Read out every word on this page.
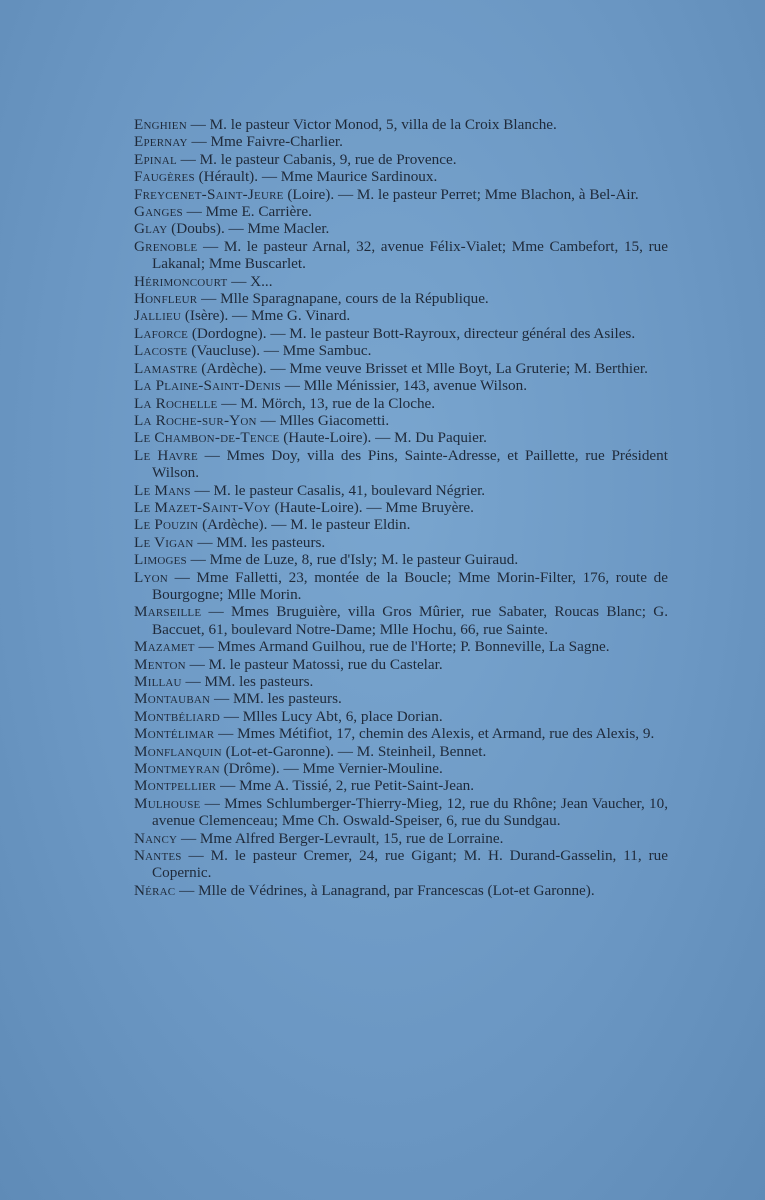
Enghien — M. le pasteur Victor Monod, 5, villa de la Croix Blanche.
Epernay — Mme Faivre-Charlier.
Epinal — M. le pasteur Cabanis, 9, rue de Provence.
Faugères (Hérault). — Mme Maurice Sardinoux.
Freycenet-Saint-Jeure (Loire). — M. le pasteur Perret; Mme Blachon, à Bel-Air.
Ganges — Mme E. Carrière.
Glay (Doubs). — Mme Macler.
Grenoble — M. le pasteur Arnal, 32, avenue Félix-Vialet; Mme Cambefort, 15, rue Lakanal; Mme Buscarlet.
Hérimoncourt — X...
Honfleur — Mlle Sparagnapane, cours de la République.
Jallieu (Isère). — Mme G. Vinard.
Laforce (Dordogne). — M. le pasteur Bott-Rayroux, directeur général des Asiles.
Lacoste (Vaucluse). — Mme Sambuc.
Lamastre (Ardèche). — Mme veuve Brisset et Mlle Boyt, La Gruterie; M. Berthier.
La Plaine-Saint-Denis — Mlle Ménissier, 143, avenue Wilson.
La Rochelle — M. Mörch, 13, rue de la Cloche.
La Roche-sur-Yon — Mlles Giacometti.
Le Chambon-de-Tence (Haute-Loire). — M. Du Paquier.
Le Havre — Mmes Doy, villa des Pins, Sainte-Adresse, et Paillette, rue Président Wilson.
Le Mans — M. le pasteur Casalis, 41, boulevard Négrier.
Le Mazet-Saint-Voy (Haute-Loire). — Mme Bruyère.
Le Pouzin (Ardèche). — M. le pasteur Eldin.
Le Vigan — MM. les pasteurs.
Limoges — Mme de Luze, 8, rue d'Isly; M. le pasteur Guiraud.
Lyon — Mme Falletti, 23, montée de la Boucle; Mme Morin-Filter, 176, route de Bourgogne; Mlle Morin.
Marseille — Mmes Bruguière, villa Gros Mûrier, rue Sabater, Roucas Blanc; G. Baccuet, 61, boulevard Notre-Dame; Mlle Hochu, 66, rue Sainte.
Mazamet — Mmes Armand Guilhou, rue de l'Horte; P. Bonneville, La Sagne.
Menton — M. le pasteur Matossi, rue du Castelar.
Millau — MM. les pasteurs.
Montauban — MM. les pasteurs.
Montbéliard — Mlles Lucy Abt, 6, place Dorian.
Montélimar — Mmes Métifiot, 17, chemin des Alexis, et Armand, rue des Alexis, 9.
Monflanquin (Lot-et-Garonne). — M. Steinheil, Bennet.
Montmeyran (Drôme). — Mme Vernier-Mouline.
Montpellier — Mme A. Tissié, 2, rue Petit-Saint-Jean.
Mulhouse — Mmes Schlumberger-Thierry-Mieg, 12, rue du Rhône; Jean Vaucher, 10, avenue Clemenceau; Mme Ch. Oswald-Speiser, 6, rue du Sundgau.
Nancy — Mme Alfred Berger-Levrault, 15, rue de Lorraine.
Nantes — M. le pasteur Cremer, 24, rue Gigant; M. H. Durand-Gasselin, 11, rue Copernic.
Nérac — Mlle de Védrines, à Lanagrand, par Francescas (Lot-et Garonne).
